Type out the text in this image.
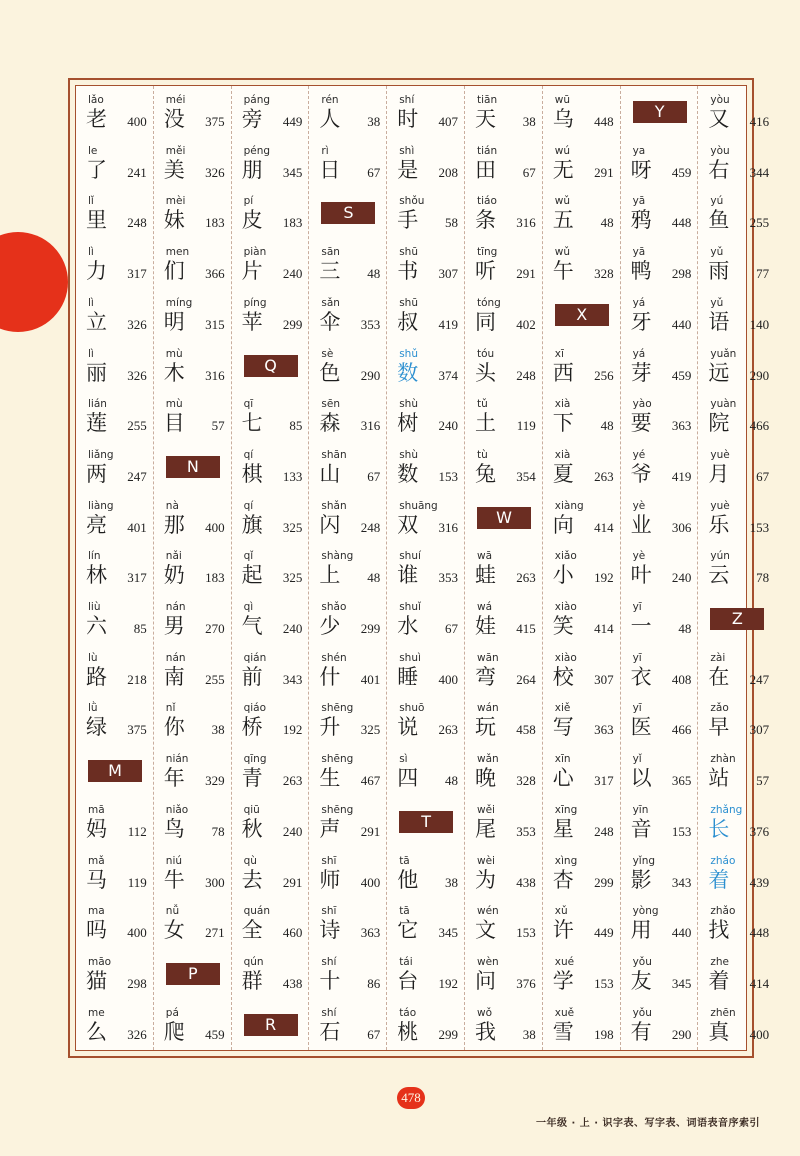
lǎo
老 400
le
了 241
lǐ
里 248
lì
力 317
lì
立 326
lì
丽 326
lián
莲 255
liǎng
两 247
liàng
亮 401
lín
林 317
liù
六 85
lù
路 218
lǜ
绿 375
M
mā
妈 112
mǎ
马 119
ma
吗 400
māo
猫 298
me
么 326
méi
没 375
měi
美 326
mèi
妹 183
men
们 366
míng
明 315
mù
木 316
mù
目 57
N
nà
那 400
nǎi
奶 183
nán
男 270
nán
南 255
nǐ
你 38
nián
年 329
niǎo
鸟 78
niú
牛 300
nǚ
女 271
P
pá
爬 459
páng
旁 449
péng
朋 345
pí
皮 183
piàn
片 240
píng
苹 299
Q
qī
七 85
qí
棋 133
qí
旗 325
qǐ
起 325
qì
气 240
qián
前 343
qiáo
桥 192
qīng
青 263
qiū
秋 240
qù
去 291
quán
全 460
qún
群 438
R
rén
人 38
rì
日 67
S
sān
三 48
sǎn
伞 353
sè
色 290
sēn
森 316
shān
山 67
shǎn
闪 248
shàng
上 48
shǎo
少 299
shén
什 401
shēng
升 325
shēng
生 467
shēng
声 291
shī
师 400
shī
诗 363
shí
十 86
shí
石 67
shí
时 407
shì
是 208
shǒu
手 58
shū
书 307
shū
叔 419
shǔ
数 374
shù
树 240
shù
数 153
shuāng
双 316
shuí
谁 353
shuǐ
水 67
shuì
睡 400
shuō
说 263
sì
四 48
T
tā
他 38
tā
它 345
tái
台 192
táo
桃 299
tiān
天 38
tián
田 67
tiáo
条 316
tīng
听 291
tóng
同 402
tóu
头 248
tǔ
土 119
tù
兔 354
W
wā
蛙 263
wá
娃 415
wān
弯 264
wán
玩 458
wǎn
晚 328
wěi
尾 353
wèi
为 438
wén
文 153
wèn
问 376
wǒ
我 38
wū
乌 448
wú
无 291
wǔ
五 48
wǔ
午 328
X
xī
西 256
xià
下 48
xià
夏 263
xiàng
向 414
xiǎo
小 192
xiào
笑 414
xiào
校 307
xiě
写 363
xīn
心 317
xīng
星 248
xìng
杏 299
xǔ
许 449
xué
学 153
xuě
雪 198
Y
ya
呀 459
yā
鸦 448
yā
鸭 298
yá
牙 440
yá
芽 459
yào
要 363
yé
爷 419
yè
业 306
yè
叶 240
yī
一 48
yī
衣 408
yī
医 466
yǐ
以 365
yīn
音 153
yǐng
影 343
yòng
用 440
yǒu
友 345
yǒu
有 290
yòu
又 416
yòu
右 344
yú
鱼 255
yǔ
雨 77
yǔ
语 140
yuǎn
远 290
yuàn
院 466
yuè
月 67
yuè
乐 153
yún
云 78
Z
zài
在 247
zǎo
早 307
zhàn
站 57
zhǎng
长 376
zháo
着 439
zhǎo
找 448
zhe
着 414
zhēn
真 400
478
一年级 · 上 · 识字表、写字表、词语表音序索引
